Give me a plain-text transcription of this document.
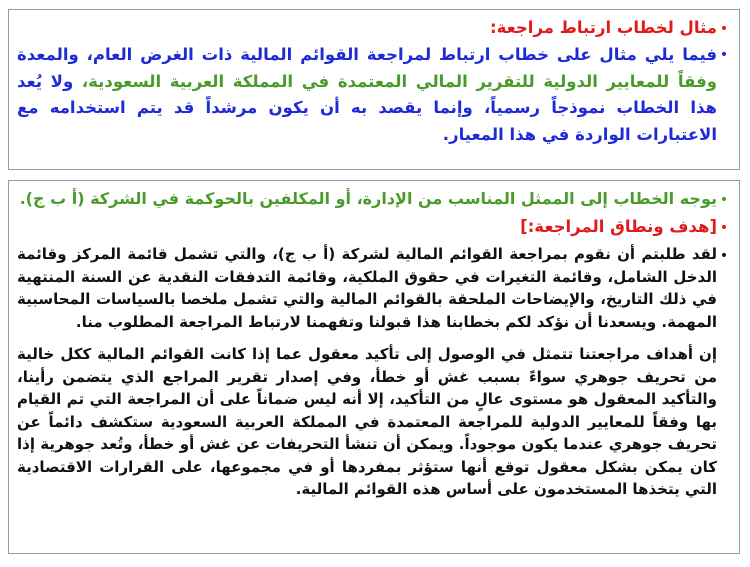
•
مثال لخطاب ارتباط مراجعة:
•
فيما يلي مثال على خطاب ارتباط لمراجعة القوائم المالية ذات الغرض العام، والمعدة وفقاً للمعايير الدولية للتقرير المالي المعتمدة في المملكة العربية السعودية، ولا يُعد هذا الخطاب نموذجاً رسمياً، وإنما يقصد به أن يكون مرشداً قد يتم استخدامه مع الاعتبارات الواردة في هذا المعيار.
•
يوجه الخطاب إلى الممثل المناسب من الإدارة، أو المكلفين بالحوكمة في الشركة (أ ب ج).
•
[هدف ونطاق المراجعة:]
•
لقد طلبتم أن نقوم بمراجعة القوائم المالية لشركة (أ ب ج)، والتي تشمل قائمة المركز وقائمة الدخل الشامل، وقائمة التغيرات في حقوق الملكية، وقائمة التدفقات النقدية عن السنة المنتهية في ذلك التاريخ، والإيضاحات الملحقة بالقوائم المالية والتي تشمل ملخصا بالسياسات المحاسبية المهمة. ويسعدنا أن نؤكد لكم بخطابنا هذا قبولنا وتفهمنا لارتباط المراجعة المطلوب منا.
إن أهداف مراجعتنا تتمثل في الوصول إلى تأكيد معقول عما إذا كانت القوائم المالية ككل خالية من تحريف جوهري سواءً بسبب غش أو خطأ، وفي إصدار تقرير المراجع الذي يتضمن رأينا، والتأكيد المعقول هو مستوى عالٍ من التأكيد، إلا أنه ليس ضماناً على أن المراجعة التي تم القيام بها وفقاً للمعايير الدولية للمراجعة المعتمدة في المملكة العربية السعودية ستكشف دائماً عن تحريف جوهري عندما يكون موجوداً. ويمكن أن تنشأ التحريفات عن غش أو خطأ، وتُعد جوهرية إذا كان يمكن بشكل معقول توقع أنها ستؤثر بمفردها أو في مجموعها، على القرارات الاقتصادية التي يتخذها المستخدمون على أساس هذه القوائم المالية.
